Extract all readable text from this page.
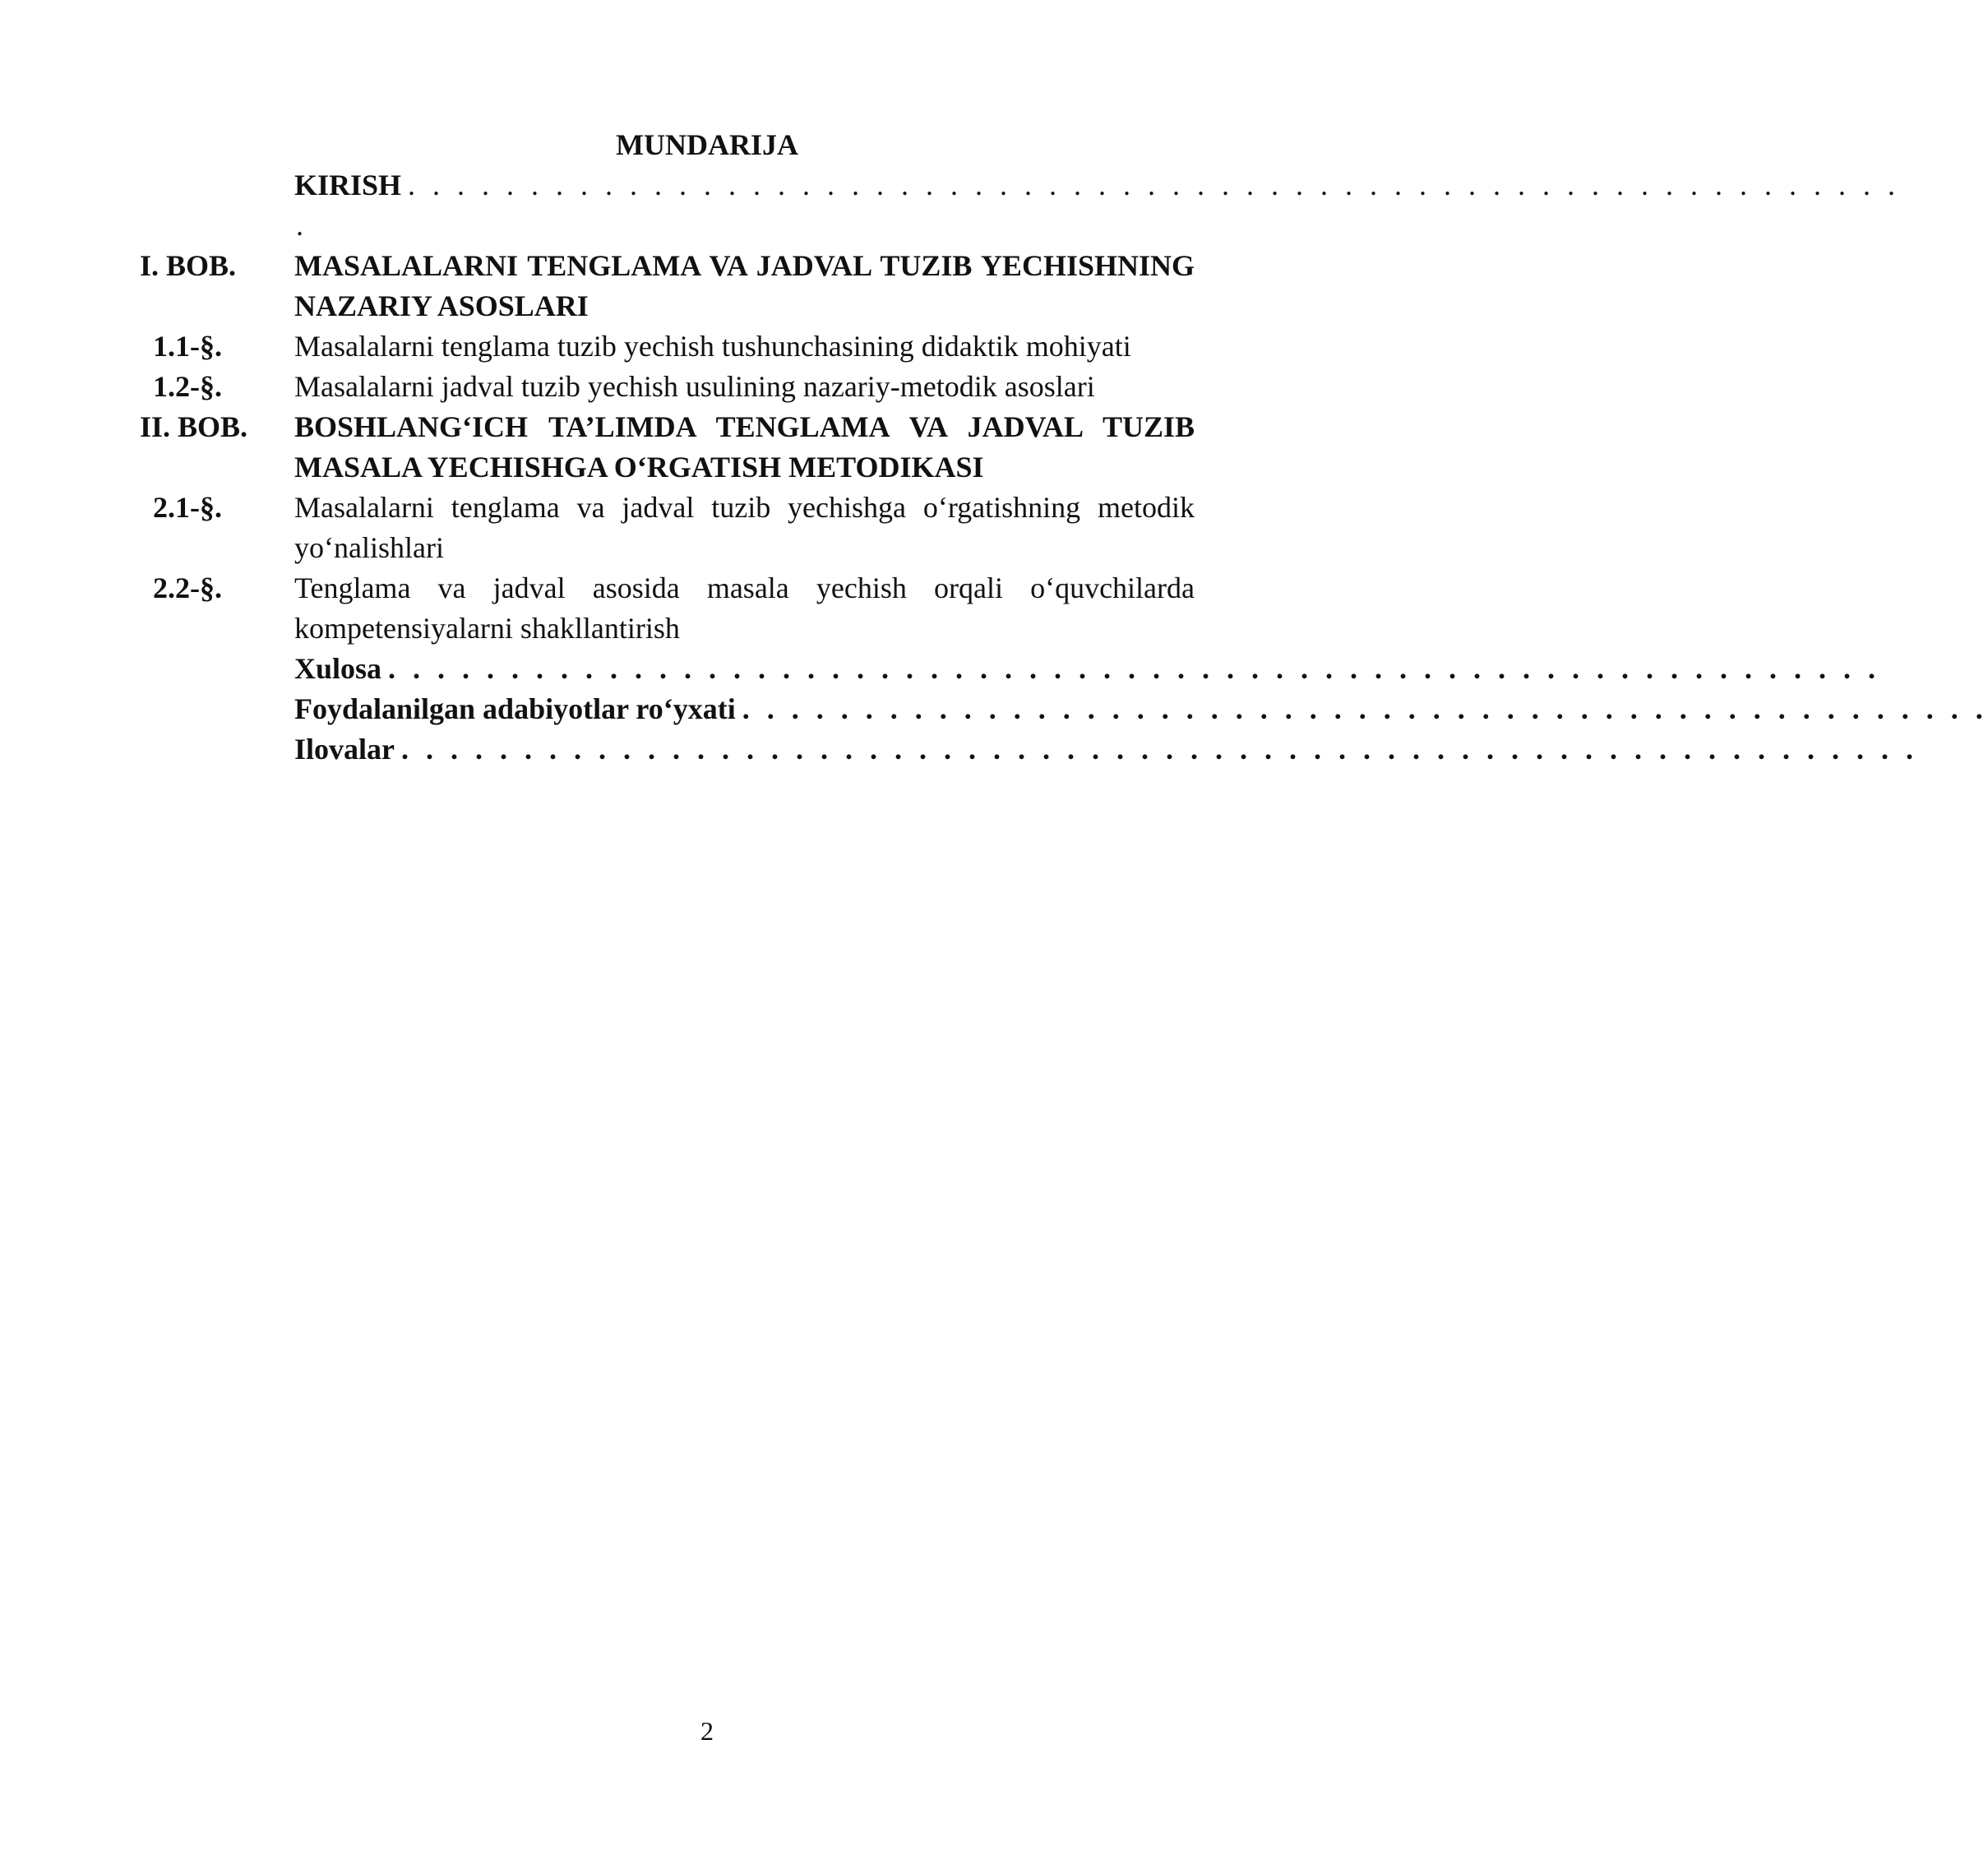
MUNDARIJA
KIRISH . . . . . . . . . . . . . . . . . . . . . . . . . . . . . . . . . . . . . . . . . . . . . . . . . . . . . . . . . . . . .
.
I. BOB.	MASALALARNI TENGLAMA VA JADVAL TUZIB YECHISHNING NAZARIY ASOSLARI
1.1-§.	Masalalarni tenglama tuzib yechish tushunchasining didaktik mohiyati
1.2-§.	Masalalarni jadval tuzib yechish usulining nazariy-metodik asoslari
II. BOB.	BOSHLANG‘ICH TA’LIMDA TENGLAMA VA JADVAL TUZIB MASALA YECHISHGA O‘RGATISH METODIKASI
2.1-§.	Masalalarni tenglama va jadval tuzib yechishga o‘rgatishning metodik yo‘nalishlari
2.2-§.	Tenglama va jadval asosida masala yechish orqali o‘quvchilarda kompetensiyalarni shakllantirish
Xulosa . . . . . . . . . . . . . . . . . . . . . . . . . . . . . . . . . . . . . . . . . . . . . . . . . . . . . . . . . . . . .
Foydalanilgan adabiyotlar ro‘yxati . . . . . . . . . . . . . . . . . . . . . . . . . . . . . . . . . . . . . . . . . . . . . . . . . . .
Ilovalar . . . . . . . . . . . . . . . . . . . . . . . . . . . . . . . . . . . . . . . . . . . . . . . . . . . . . . . . . . . . . .
2
